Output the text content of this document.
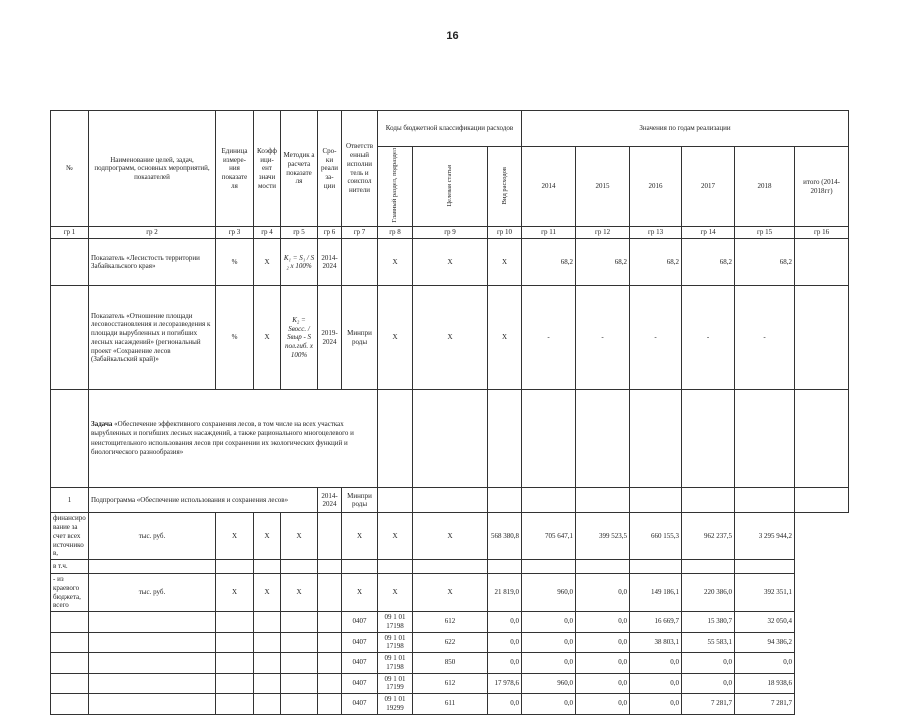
16
№	Наименование целей, задач, подпрограмм, основных мероприятий, показателей	Единица измере-ния показате ля	Коэфф ици-ент значи мости	Методик а расчета показате ля	Сро-ки реали за-ции	Ответств енный исполни тель и соиспол нители	Коды бюджетной классификации расходов			Значения по годам реализации					
							Главный раздел, подраздел	Целевая статья	Вид расходов	2014	2015	2016	2017	2018	итого (2014-2018гг)
гр 1	гр 2	гр 3	гр 4	гр 5	гр 6	гр 7	гр 8	гр 9	гр 10	гр 11	гр 12	гр 13	гр 14	гр 15	гр 16
	Показатель «Лесистость территории Забайкальского края»	%	Х	K₁ = S₁ / S ₂ x 100%	2014-2024		Х	Х	Х	68,2	68,2	68,2	68,2	68,2	
	Показатель «Отношение площади лесовосстановления и лесоразведения к площади вырубленных и погибших лесных насаждений» (региональный проект «Сохранение лесов (Забайкальский край)»	%	Х	K₂ = Sвосс. / Sвыр - S пол.гиб. x 100%	2019-2024	Минпри роды	Х	Х	Х	-	-	-	-	-	
	Задача «Обеспечение эффективного сохранения лесов, в том числе на всех участках вырубленных и погибших лесных насаждений, а также рационального многоцелевого и неистощительного использования лесов при сохранении их экологических функций и биологического разнообразия»														
1	Подпрограмма «Обеспечение использования и сохранения лесов»				2014-2024	Минпри роды									
финансирование за счет всех источников,	тыс. руб.	Х	Х	Х		Х	Х	Х	568 380,8	705 647,1	399 523,5	660 155,3	962 237,5	3 295 944,2	
в т.ч.															
- из краевого бюджета, всего	тыс. руб.	Х	Х	Х		Х	Х	Х	21 819,0	960,0	0,0	149 186,1	220 386,0	392 351,1	
						0407	09 1 01 17198	612	0,0	0,0	0,0	16 669,7	15 380,7	32 050,4	
						0407	09 1 01 17198	622	0,0	0,0	0,0	38 803,1	55 583,1	94 386,2	
						0407	09 1 01 17198	850	0,0	0,0	0,0	0,0	0,0	0,0	
						0407	09 1 01 17199	612	17 978,6	960,0	0,0	0,0	0,0	18 938,6	
						0407	09 1 01 19299	611	0,0	0,0	0,0	0,0	7 281,7	7 281,7	
